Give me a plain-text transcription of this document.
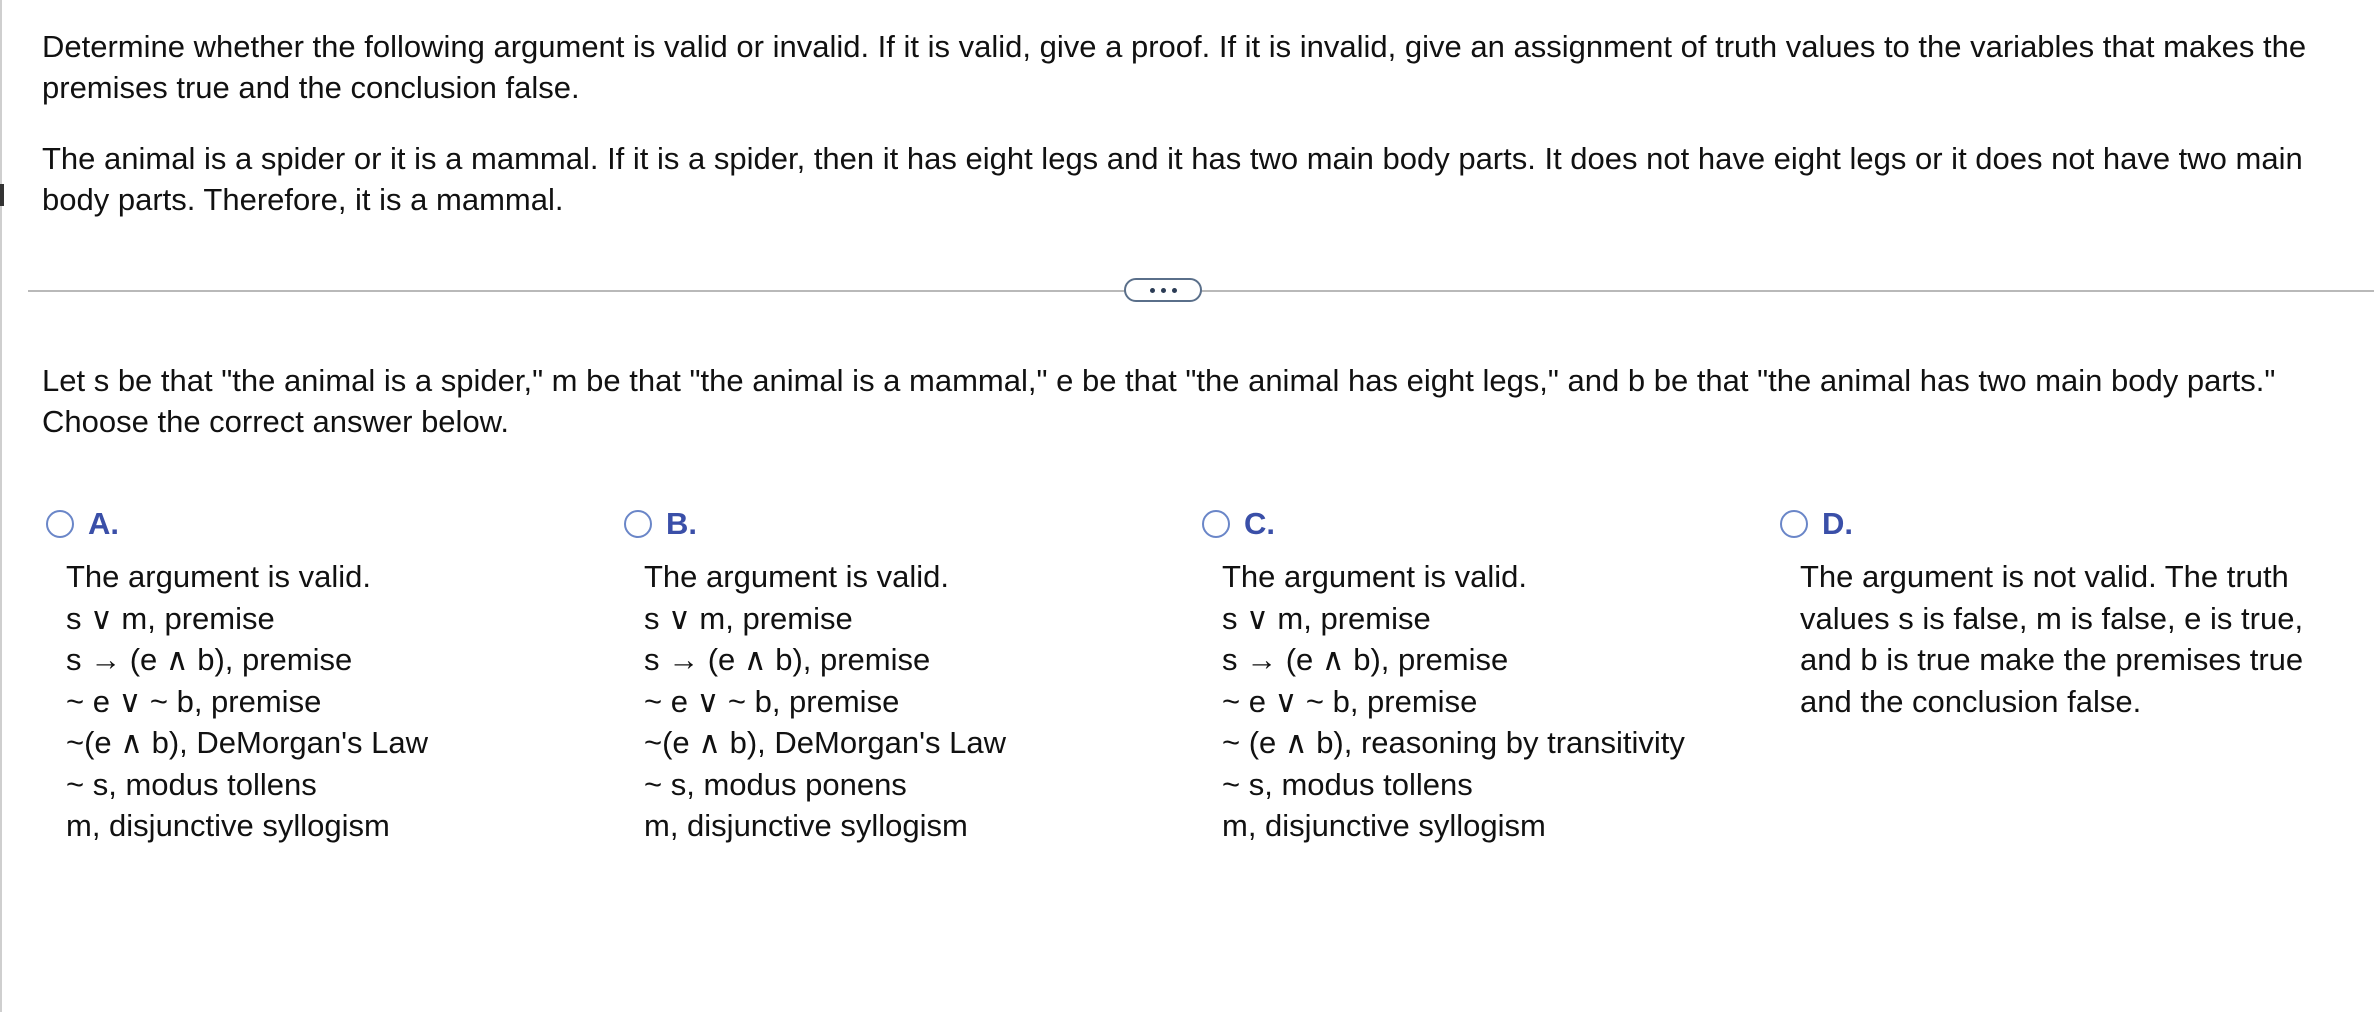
Determine whether the following argument is valid or invalid. If it is valid, give a proof. If it is invalid, give an assignment of truth values to the variables that makes the premises true and the conclusion false.
The animal is a spider or it is a mammal. If it is a spider, then it has eight legs and it has two main body parts. It does not have eight legs or it does not have two main body parts. Therefore, it is a mammal.
Let s be that "the animal is a spider," m be that "the animal is a mammal," e be that "the animal has eight legs," and b be that "the animal has two main body parts." Choose the correct answer below.
A.
The argument is valid.
s ∨ m, premise
s → (e ∧ b), premise
~ e ∨ ~ b, premise
~(e ∧ b), DeMorgan's Law
~ s, modus tollens
m, disjunctive syllogism
B.
The argument is valid.
s ∨ m, premise
s → (e ∧ b), premise
~ e ∨ ~ b, premise
~(e ∧ b), DeMorgan's Law
~ s, modus ponens
m, disjunctive syllogism
C.
The argument is valid.
s ∨ m, premise
s → (e ∧ b), premise
~ e ∨ ~ b, premise
~ (e ∧ b), reasoning by transitivity
~ s, modus tollens
m, disjunctive syllogism
D.
The argument is not valid. The truth values s is false, m is false, e is true, and b is true make the premises true and the conclusion false.
